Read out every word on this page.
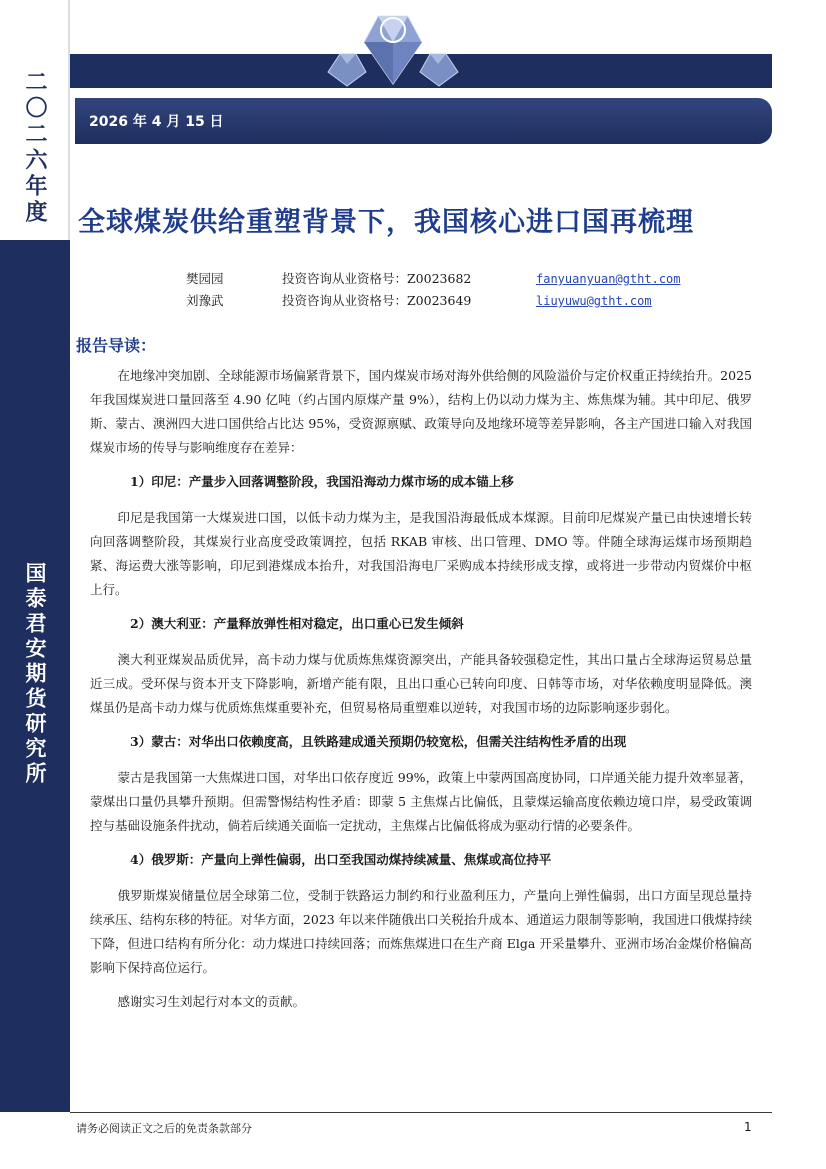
二〇二六年度
国泰君安期货研究所
2026 年 4 月 15 日
全球煤炭供给重塑背景下，我国核心进口国再梳理
樊园园	投资咨询从业资格号：Z0023682	fanyuanyuan@gtht.com
刘豫武	投资咨询从业资格号：Z0023649	liuyuwu@gtht.com
报告导读：

在地缘冲突加剧、全球能源市场偏紧背景下，国内煤炭市场对海外供给侧的风险溢价与定价权重正持续抬升。2025 年我国煤炭进口量回落至 4.90 亿吨（约占国内原煤产量 9%），结构上仍以动力煤为主、炼焦煤为辅。其中印尼、俄罗斯、蒙古、澳洲四大进口国供给占比达 95%，受资源禀赋、政策导向及地缘环境等差异影响，各主产国进口输入对我国煤炭市场的传导与影响维度存在差异：

1）印尼：产量步入回落调整阶段，我国沿海动力煤市场的成本锚上移

印尼是我国第一大煤炭进口国，以低卡动力煤为主，是我国沿海最低成本煤源。目前印尼煤炭产量已由快速增长转向回落调整阶段，其煤炭行业高度受政策调控，包括 RKAB 审核、出口管理、DMO 等。伴随全球海运煤市场预期趋紧、海运费大涨等影响，印尼到港煤成本抬升，对我国沿海电厂采购成本持续形成支撑，或将进一步带动内贸煤价中枢上行。

2）澳大利亚：产量释放弹性相对稳定，出口重心已发生倾斜

澳大利亚煤炭品质优异，高卡动力煤与优质炼焦煤资源突出，产能具备较强稳定性，其出口量占全球海运贸易总量近三成。受环保与资本开支下降影响，新增产能有限，且出口重心已转向印度、日韩等市场，对华依赖度明显降低。澳煤虽仍是高卡动力煤与优质炼焦煤重要补充，但贸易格局重塑难以逆转，对我国市场的边际影响逐步弱化。

3）蒙古：对华出口依赖度高，且铁路建成通关预期仍较宽松，但需关注结构性矛盾的出现

蒙古是我国第一大焦煤进口国，对华出口依存度近 99%，政策上中蒙两国高度协同，口岸通关能力提升效率显著，蒙煤出口量仍具攀升预期。但需警惕结构性矛盾：即蒙 5 主焦煤占比偏低，且蒙煤运输高度依赖边境口岸，易受政策调控与基础设施条件扰动，倘若后续通关面临一定扰动，主焦煤占比偏低将成为驱动行情的必要条件。

4）俄罗斯：产量向上弹性偏弱，出口至我国动煤持续减量、焦煤或高位持平

俄罗斯煤炭储量位居全球第二位，受制于铁路运力制约和行业盈利压力，产量向上弹性偏弱，出口方面呈现总量持续承压、结构东移的特征。对华方面，2023 年以来伴随俄出口关税抬升成本、通道运力限制等影响，我国进口俄煤持续下降，但进口结构有所分化：动力煤进口持续回落；而炼焦煤进口在生产商 Elga 开采量攀升、亚洲市场冶金煤价格偏高影响下保持高位运行。

感谢实习生刘起行对本文的贡献。

请务必阅读正文之后的免责条款部分	1
